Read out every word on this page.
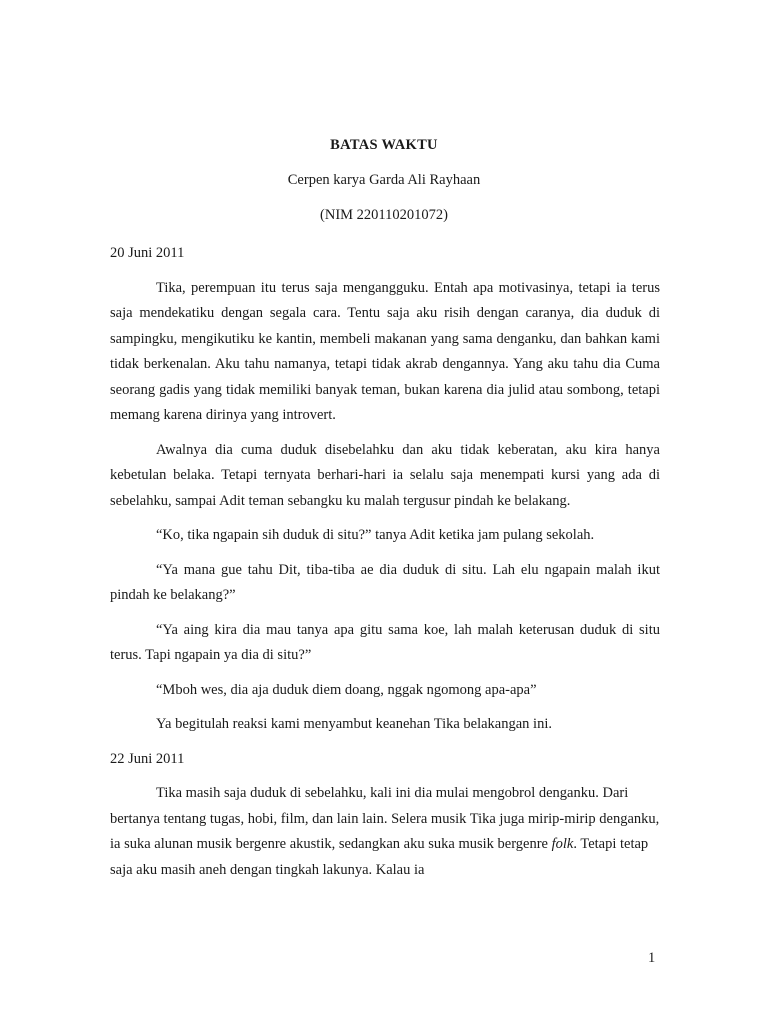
BATAS WAKTU
Cerpen karya Garda Ali Rayhaan
(NIM 220110201072)

20 Juni 2011

Tika, perempuan itu terus saja mengangguku. Entah apa motivasinya, tetapi ia terus saja mendekatiku dengan segala cara. Tentu saja aku risih dengan caranya, dia duduk di sampingku, mengikutiku ke kantin, membeli makanan yang sama denganku, dan bahkan kami tidak berkenalan. Aku tahu namanya, tetapi tidak akrab dengannya. Yang aku tahu dia Cuma seorang gadis yang tidak memiliki banyak teman, bukan karena dia julid atau sombong, tetapi memang karena dirinya yang introvert.

Awalnya dia cuma duduk disebelahku dan aku tidak keberatan, aku kira hanya kebetulan belaka. Tetapi ternyata berhari-hari ia selalu saja menempati kursi yang ada di sebelahku, sampai Adit teman sebangku ku malah tergusur pindah ke belakang.

“Ko, tika ngapain sih duduk di situ?” tanya Adit ketika jam pulang sekolah.

“Ya mana gue tahu Dit, tiba-tiba ae dia duduk di situ. Lah elu ngapain malah ikut pindah ke belakang?”

“Ya aing kira dia mau tanya apa gitu sama koe, lah malah keterusan duduk di situ terus. Tapi ngapain ya dia di situ?”

“Mboh wes, dia aja duduk diem doang, nggak ngomong apa-apa”

Ya begitulah reaksi kami menyambut keanehan Tika belakangan ini.

22 Juni 2011

Tika masih saja duduk di sebelahku, kali ini dia mulai mengobrol denganku. Dari bertanya tentang tugas, hobi, film, dan lain lain. Selera musik Tika juga mirip-mirip denganku, ia suka alunan musik bergenre akustik, sedangkan aku suka musik bergenre folk. Tetapi tetap saja aku masih aneh dengan tingkah lakunya. Kalau ia

1
